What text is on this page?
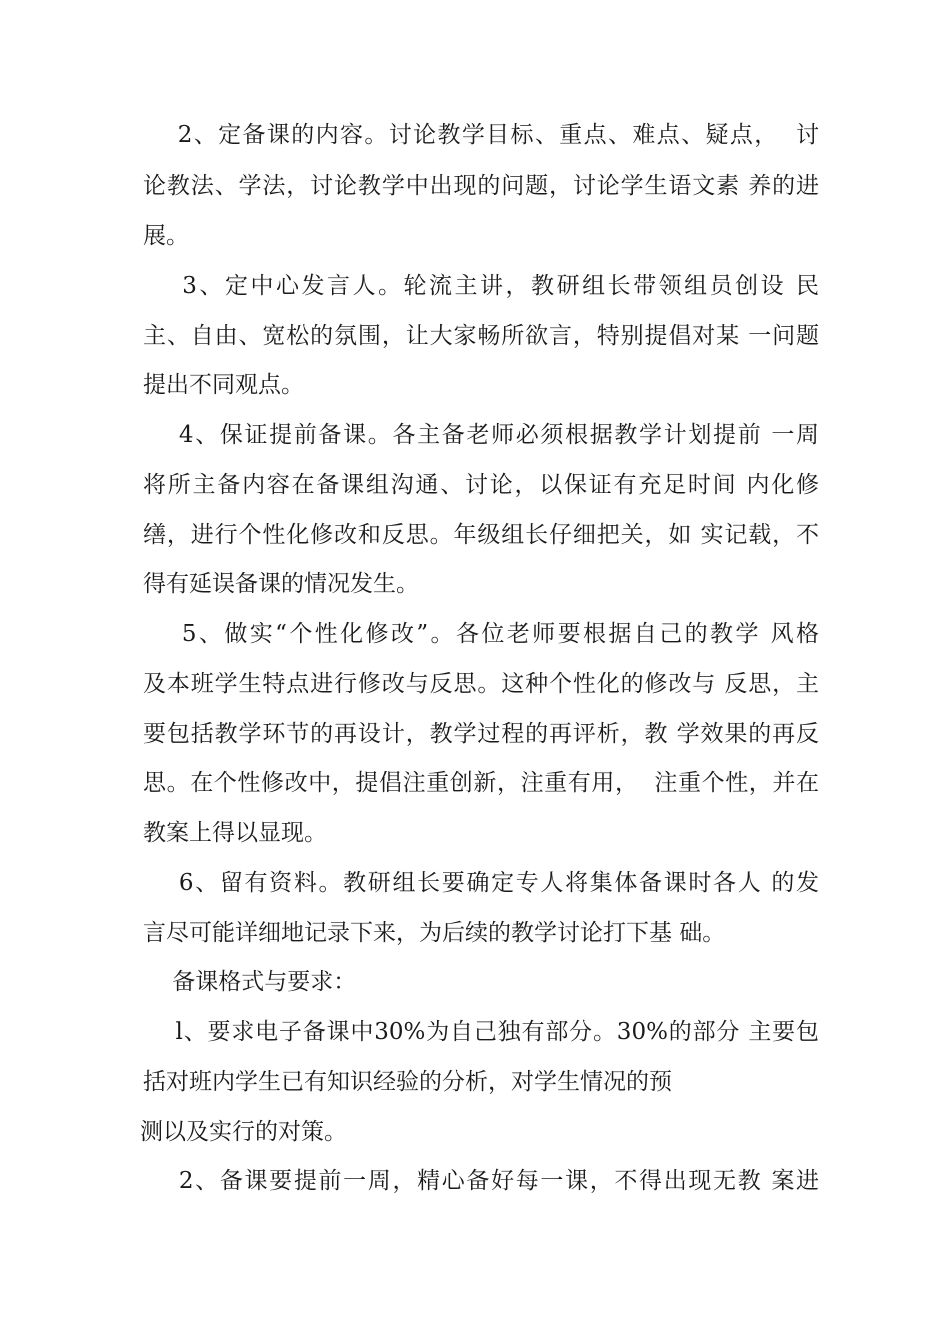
2、定备课的内容。讨论教学目标、重点、难点、疑点，  讨
论教法、学法，讨论教学中出现的问题，讨论学生语文素 养的进
展。
3、定中心发言人。轮流主讲，教研组长带领组员创设 民
主、自由、宽松的氛围，让大家畅所欲言，特别提倡对某 一问题
提出不同观点。
4、保证提前备课。各主备老师必须根据教学计划提前 一周
将所主备内容在备课组沟通、讨论，以保证有充足时间 内化修
缮，进行个性化修改和反思。年级组长仔细把关，如 实记载，不
得有延误备课的情况发生。
5、做实“个性化修改”。各位老师要根据自己的教学 风格
及本班学生特点进行修改与反思。这种个性化的修改与 反思，主
要包括教学环节的再设计，教学过程的再评析，教 学效果的再反
思。在个性修改中，提倡注重创新，注重有用，  注重个性，并在
教案上得以显现。
6、留有资料。教研组长要确定专人将集体备课时各人 的发
言尽可能详细地记录下来，为后续的教学讨论打下基 础。
备课格式与要求：
l、要求电子备课中30%为自己独有部分。30%的部分 主要包
括对班内学生已有知识经验的分析，对学生情况的预
测以及实行的对策。
2、备课要提前一周，精心备好每一课，不得出现无教 案进
